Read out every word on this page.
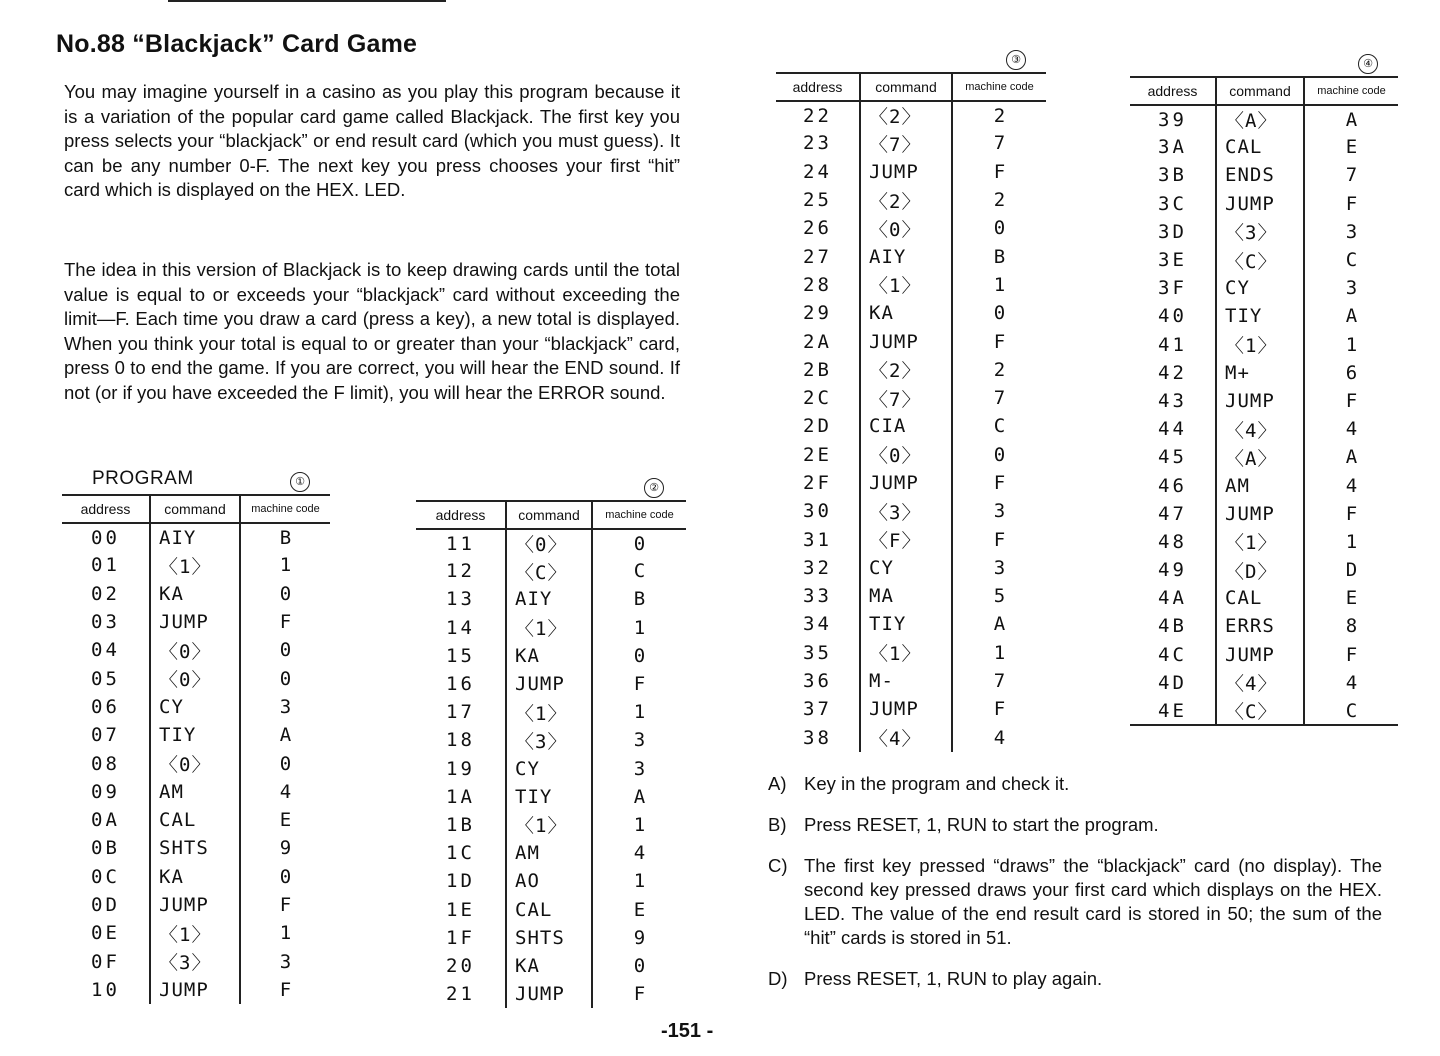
No.88 “Blackjack” Card Game

You may imagine yourself in a casino as you play this program because it is a variation of the popular card game called Blackjack. The first key you press selects your “blackjack” or end result card (which you must guess). It can be any number 0-F. The next key you press chooses your first “hit” card which is displayed on the HEX. LED.

The idea in this version of Blackjack is to keep drawing cards until the total value is equal to or exceeds your “blackjack” card without exceeding the limit—F. Each time you draw a card (press a key), a new total is displayed. When you think your total is equal to or greater than your “blackjack” card, press 0 to end the game. If you are correct, you will hear the END sound. If not (or if you have exceeded the F limit), you will hear the ERROR sound.

PROGRAM	①
address	command	machine code
00	AIY	B
01	〈1〉	1
02	KA	0
03	JUMP	F
04	〈0〉	0
05	〈0〉	0
06	CY	3
07	TIY	A
08	〈0〉	0
09	AM	4
0A	CAL	E
0B	SHTS	9
0C	KA	0
0D	JUMP	F
0E	〈1〉	1
0F	〈3〉	3
10	JUMP	F
②
address	command	machine code
11	〈0〉	0
12	〈C〉	C
13	AIY	B
14	〈1〉	1
15	KA	0
16	JUMP	F
17	〈1〉	1
18	〈3〉	3
19	CY	3
1A	TIY	A
1B	〈1〉	1
1C	AM	4
1D	AO	1
1E	CAL	E
1F	SHTS	9
20	KA	0
21	JUMP	F
③
address	command	machine code
22	〈2〉	2
23	〈7〉	7
24	JUMP	F
25	〈2〉	2
26	〈0〉	0
27	AIY	B
28	〈1〉	1
29	KA	0
2A	JUMP	F
2B	〈2〉	2
2C	〈7〉	7
2D	CIA	C
2E	〈0〉	0
2F	JUMP	F
30	〈3〉	3
31	〈F〉	F
32	CY	3
33	MA	5
34	TIY	A
35	〈1〉	1
36	M-	7
37	JUMP	F
38	〈4〉	4
④
address	command	machine code
39	〈A〉	A
3A	CAL	E
3B	ENDS	7
3C	JUMP	F
3D	〈3〉	3
3E	〈C〉	C
3F	CY	3
40	TIY	A
41	〈1〉	1
42	M+	6
43	JUMP	F
44	〈4〉	4
45	〈A〉	A
46	AM	4
47	JUMP	F
48	〈1〉	1
49	〈D〉	D
4A	CAL	E
4B	ERRS	8
4C	JUMP	F
4D	〈4〉	4
4E	〈C〉	C
A) Key in the program and check it.
B) Press RESET, 1, RUN to start the program.
C) The first key pressed “draws” the “blackjack” card (no display). The second key pressed draws your first card which displays on the HEX. LED. The value of the end result card is stored in 50; the sum of the “hit” cards is stored in 51.
D) Press RESET, 1, RUN to play again.
-151 -
